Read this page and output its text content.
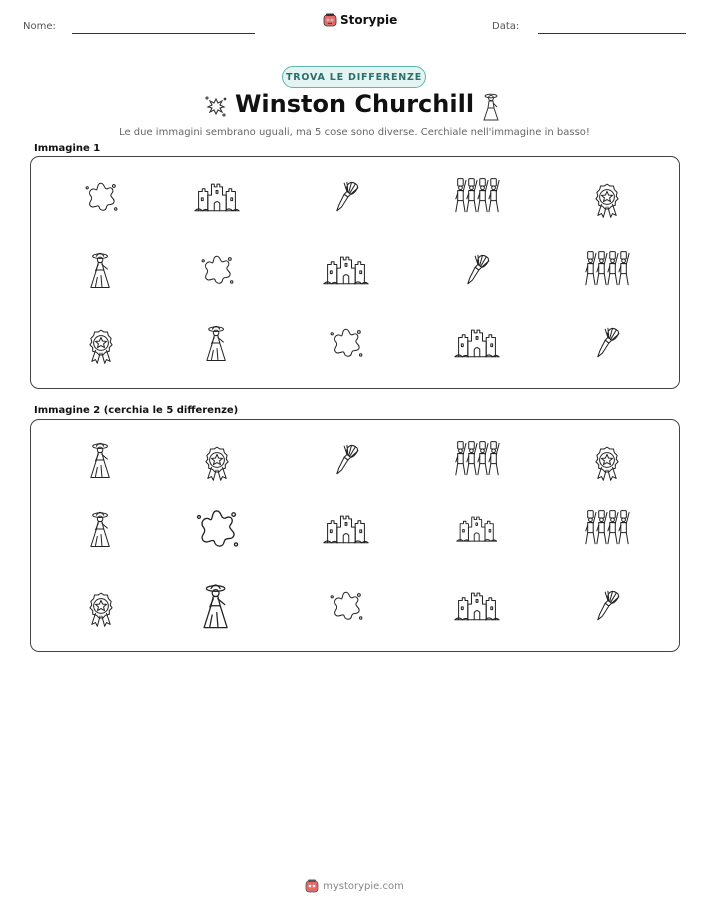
Nome:	Data:
Storypie
TROVA LE DIFFERENZE
Winston Churchill
Le due immagini sembrano uguali, ma 5 cose sono diverse. Cerchiale nell'immagine in basso!
Immagine 1
Immagine 2 (cerchia le 5 differenze)
mystorypie.com
